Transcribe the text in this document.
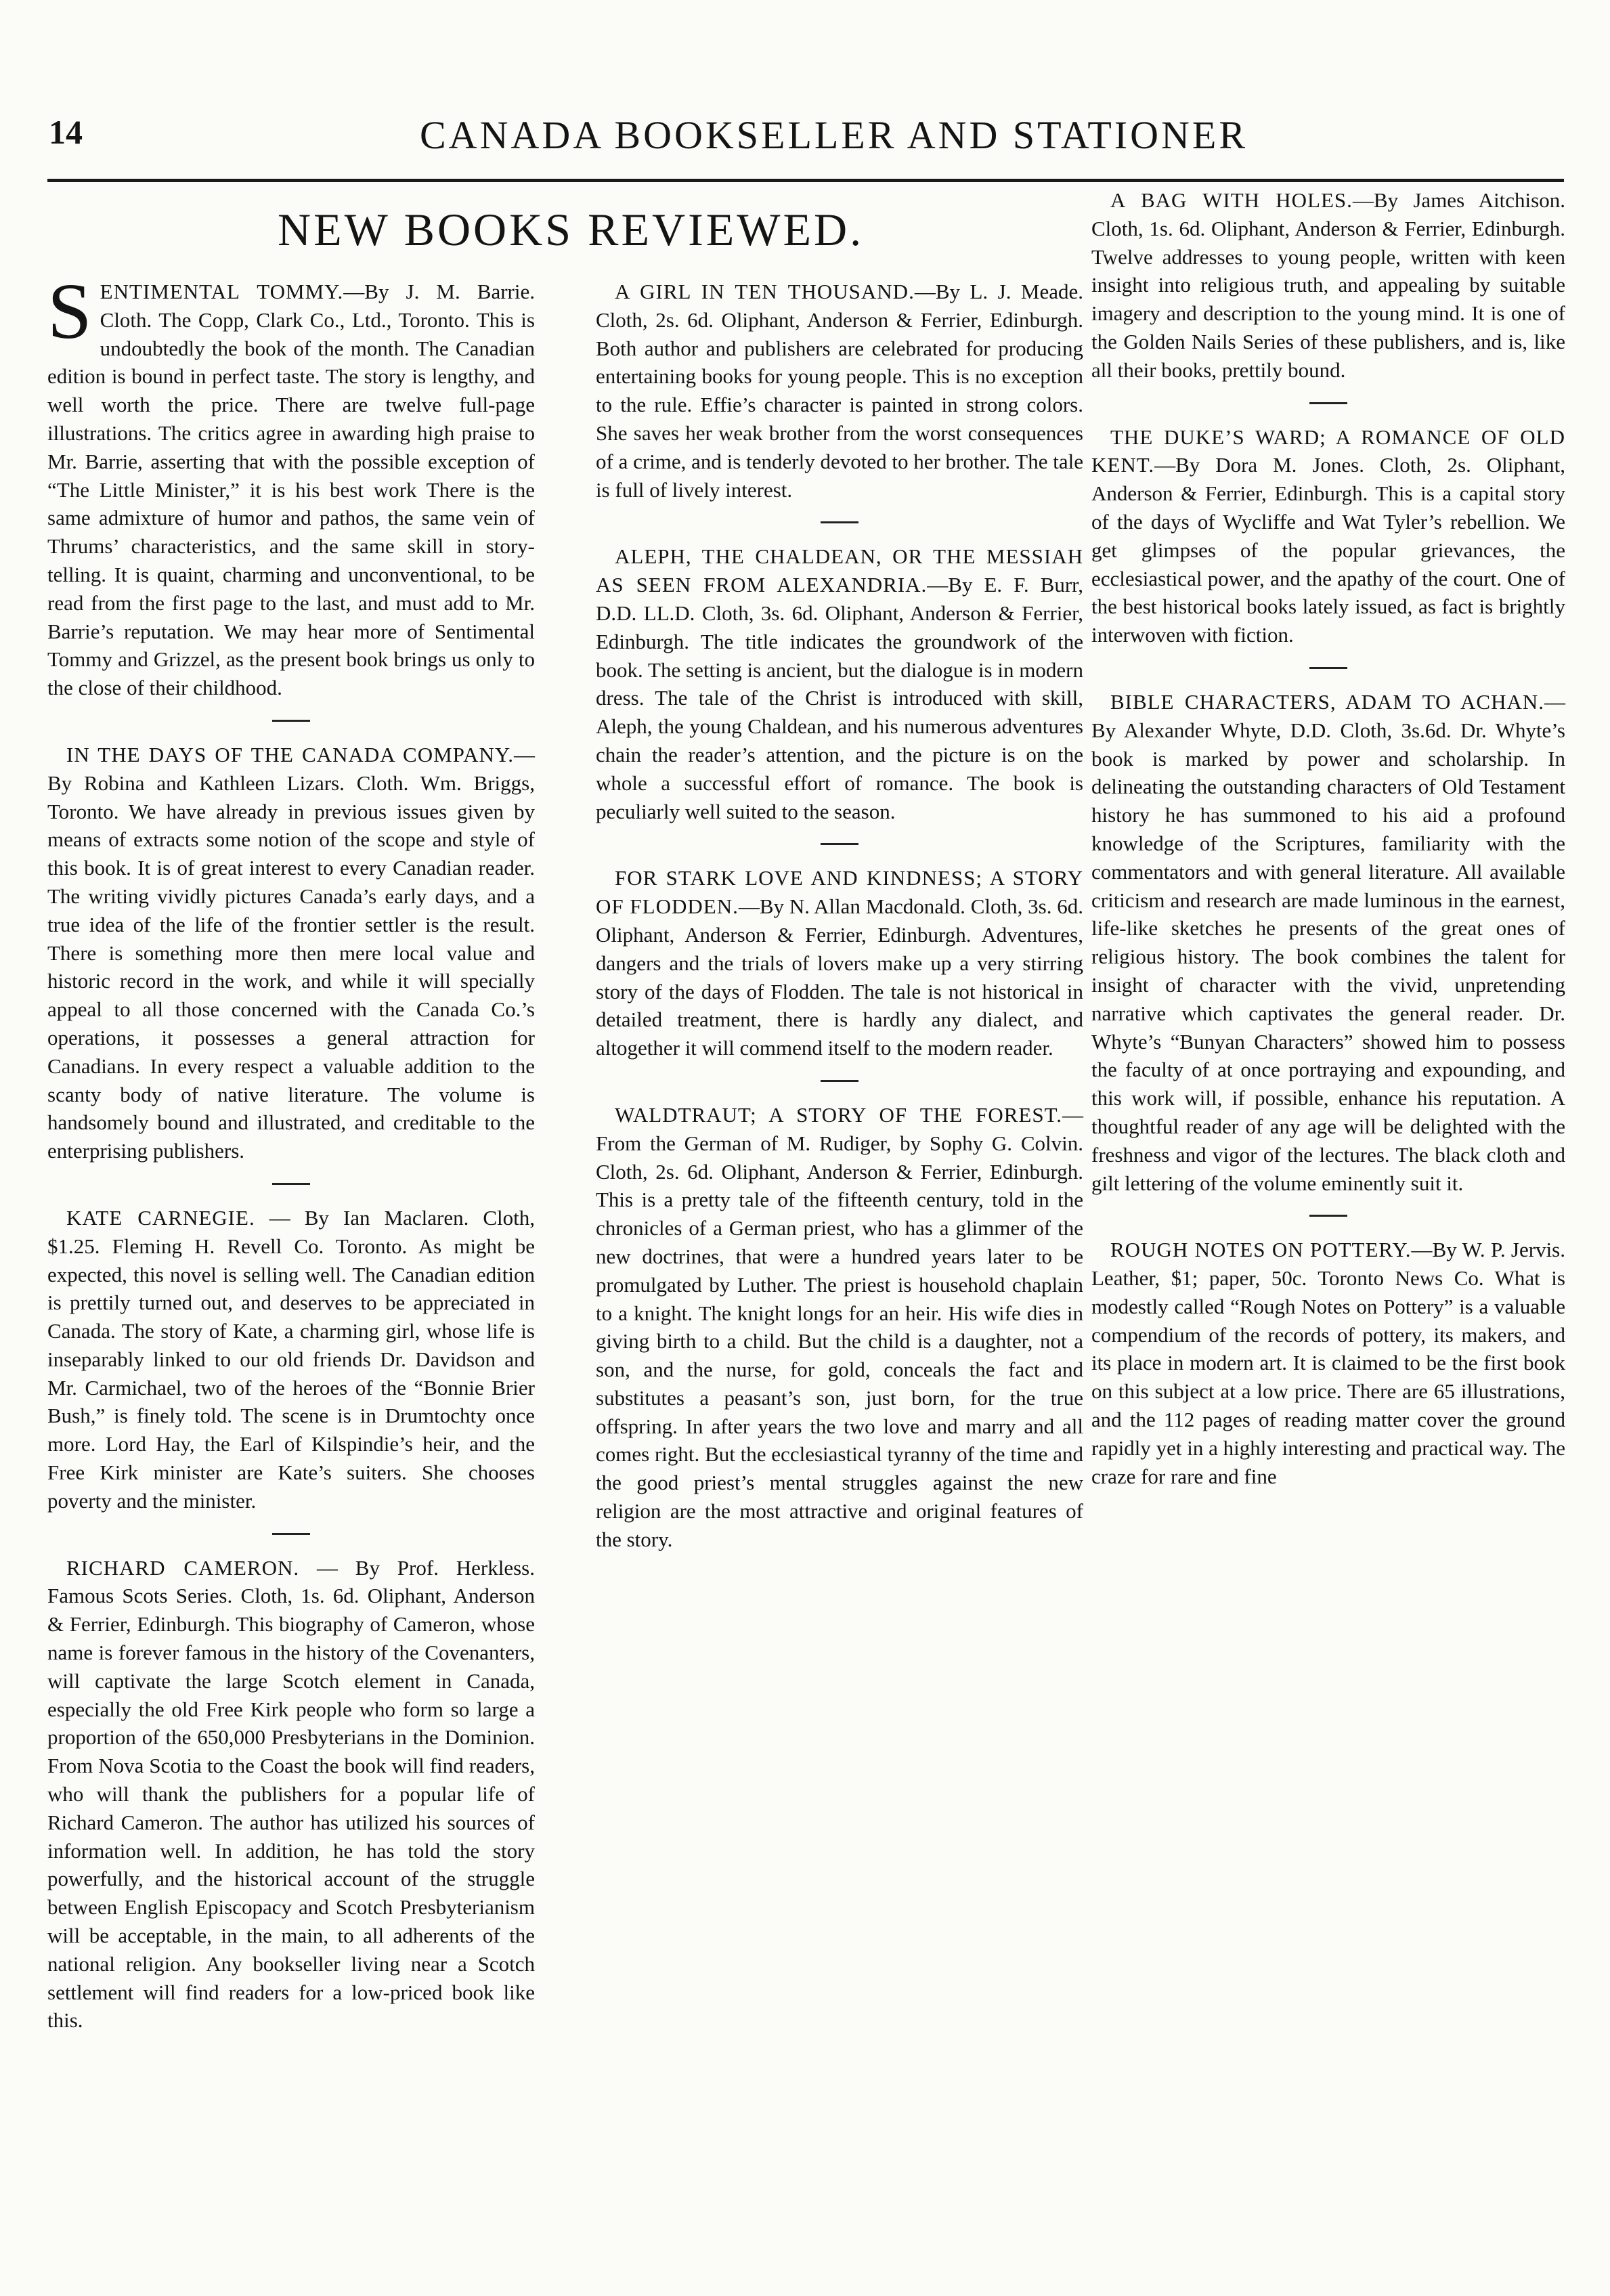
14	CANADA BOOKSELLER AND STATIONER
NEW BOOKS REVIEWED.

SENTIMENTAL TOMMY.—By J. M. Barrie. Cloth. The Copp, Clark Co., Ltd., Toronto. This is undoubtedly the book of the month. The Canadian edition is bound in perfect taste. The story is lengthy, and well worth the price. There are twelve full-page illustrations. The critics agree in awarding high praise to Mr. Barrie, asserting that with the possible exception of “The Little Minister,” it is his best work There is the same admixture of humor and pathos, the same vein of Thrums’ characteristics, and the same skill in story-telling. It is quaint, charming and unconventional, to be read from the first page to the last, and must add to Mr. Barrie’s reputation. We may hear more of Sentimental Tommy and Grizzel, as the present book brings us only to the close of their childhood.

IN THE DAYS OF THE CANADA COMPANY.—By Robina and Kathleen Lizars. Cloth. Wm. Briggs, Toronto. We have already in previous issues given by means of extracts some notion of the scope and style of this book. It is of great interest to every Canadian reader. The writing vividly pictures Canada’s early days, and a true idea of the life of the frontier settler is the result. There is something more then mere local value and historic record in the work, and while it will specially appeal to all those concerned with the Canada Co.’s operations, it possesses a general attraction for Canadians. In every respect a valuable addition to the scanty body of native literature. The volume is handsomely bound and illustrated, and creditable to the enterprising publishers.

KATE CARNEGIE. — By Ian Maclaren. Cloth, $1.25. Fleming H. Revell Co. Toronto. As might be expected, this novel is selling well. The Canadian edition is prettily turned out, and deserves to be appreciated in Canada. The story of Kate, a charming girl, whose life is inseparably linked to our old friends Dr. Davidson and Mr. Carmichael, two of the heroes of the “Bonnie Brier Bush,” is finely told. The scene is in Drumtochty once more. Lord Hay, the Earl of Kilspindie’s heir, and the Free Kirk minister are Kate’s suiters. She chooses poverty and the minister.

RICHARD CAMERON. — By Prof. Herkless. Famous Scots Series. Cloth, 1s. 6d. Oliphant, Anderson & Ferrier, Edinburgh. This biography of Cameron, whose name is forever famous in the history of the Covenanters, will captivate the large Scotch element in Canada, especially the old Free Kirk people who form so large a proportion of the 650,000 Presbyterians in the Dominion. From Nova Scotia to the Coast the book will find readers, who will thank the publishers for a popular life of Richard Cameron. The author has utilized his sources of information well. In addition, he has told the story powerfully, and the historical account of the struggle between English Episcopacy and Scotch Presbyterianism will be acceptable, in the main, to all adherents of the national religion. Any bookseller living near a Scotch settlement will find readers for a low-priced book like this.

A GIRL IN TEN THOUSAND.—By L. J. Meade. Cloth, 2s. 6d. Oliphant, Anderson & Ferrier, Edinburgh. Both author and publishers are celebrated for producing entertaining books for young people. This is no exception to the rule. Effie’s character is painted in strong colors. She saves her weak brother from the worst consequences of a crime, and is tenderly devoted to her brother. The tale is full of lively interest.

ALEPH, THE CHALDEAN, OR THE MESSIAH AS SEEN FROM ALEXANDRIA.—By E. F. Burr, D.D. LL.D. Cloth, 3s. 6d. Oliphant, Anderson & Ferrier, Edinburgh. The title indicates the groundwork of the book. The setting is ancient, but the dialogue is in modern dress. The tale of the Christ is introduced with skill, Aleph, the young Chaldean, and his numerous adventures chain the reader’s attention, and the picture is on the whole a successful effort of romance. The book is peculiarly well suited to the season.

FOR STARK LOVE AND KINDNESS; A STORY OF FLODDEN.—By N. Allan Macdonald. Cloth, 3s. 6d. Oliphant, Anderson & Ferrier, Edinburgh. Adventures, dangers and the trials of lovers make up a very stirring story of the days of Flodden. The tale is not historical in detailed treatment, there is hardly any dialect, and altogether it will commend itself to the modern reader.

WALDTRAUT; A STORY OF THE FOREST.—From the German of M. Rudiger, by Sophy G. Colvin. Cloth, 2s. 6d. Oliphant, Anderson & Ferrier, Edinburgh. This is a pretty tale of the fifteenth century, told in the chronicles of a German priest, who has a glimmer of the new doctrines, that were a hundred years later to be promulgated by Luther. The priest is household chaplain to a knight. The knight longs for an heir. His wife dies in giving birth to a child. But the child is a daughter, not a son, and the nurse, for gold, conceals the fact and substitutes a peasant’s son, just born, for the true offspring. In after years the two love and marry and all comes right. But the ecclesiastical tyranny of the time and the good priest’s mental struggles against the new religion are the most attractive and original features of the story.

A BAG WITH HOLES.—By James Aitchison. Cloth, 1s. 6d. Oliphant, Anderson & Ferrier, Edinburgh. Twelve addresses to young people, written with keen insight into religious truth, and appealing by suitable imagery and description to the young mind. It is one of the Golden Nails Series of these publishers, and is, like all their books, prettily bound.

THE DUKE’S WARD; A ROMANCE OF OLD KENT.—By Dora M. Jones. Cloth, 2s. Oliphant, Anderson & Ferrier, Edinburgh. This is a capital story of the days of Wycliffe and Wat Tyler’s rebellion. We get glimpses of the popular grievances, the ecclesiastical power, and the apathy of the court. One of the best historical books lately issued, as fact is brightly interwoven with fiction.

BIBLE CHARACTERS, ADAM TO ACHAN.—By Alexander Whyte, D.D. Cloth, 3s.6d. Dr. Whyte’s book is marked by power and scholarship. In delineating the outstanding characters of Old Testament history he has summoned to his aid a profound knowledge of the Scriptures, familiarity with the commentators and with general literature. All available criticism and research are made luminous in the earnest, life-like sketches he presents of the great ones of religious history. The book combines the talent for insight of character with the vivid, unpretending narrative which captivates the general reader. Dr. Whyte’s “Bunyan Characters” showed him to possess the faculty of at once portraying and expounding, and this work will, if possible, enhance his reputation. A thoughtful reader of any age will be delighted with the freshness and vigor of the lectures. The black cloth and gilt lettering of the volume eminently suit it.

ROUGH NOTES ON POTTERY.—By W. P. Jervis. Leather, $1; paper, 50c. Toronto News Co. What is modestly called “Rough Notes on Pottery” is a valuable compendium of the records of pottery, its makers, and its place in modern art. It is claimed to be the first book on this subject at a low price. There are 65 illustrations, and the 112 pages of reading matter cover the ground rapidly yet in a highly interesting and practical way. The craze for rare and fine
